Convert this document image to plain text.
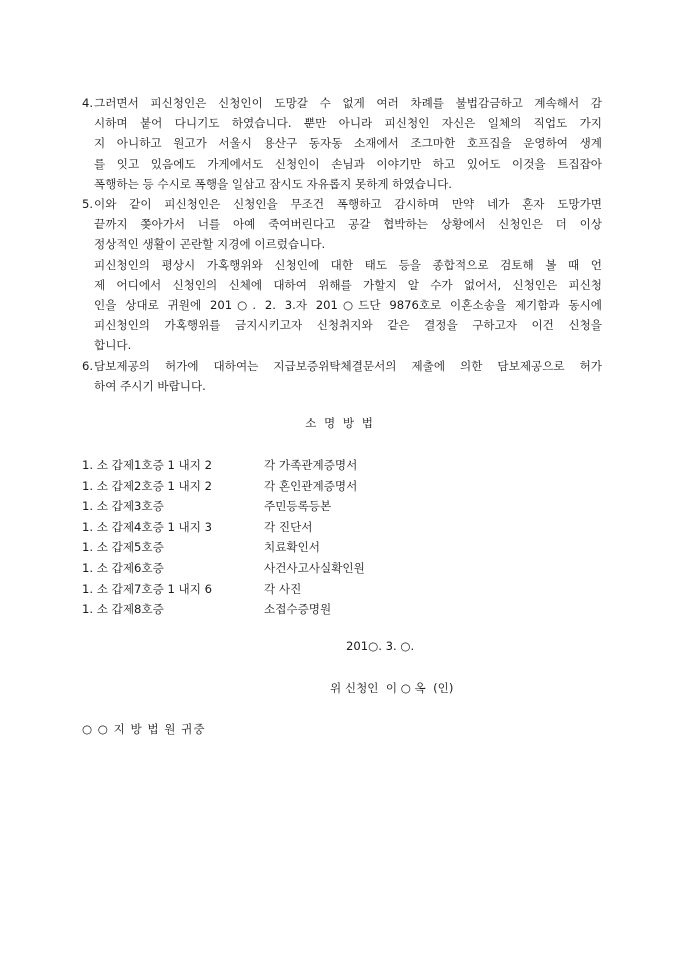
4. 그러면서 피신청인은 신청인이 도망갈 수 없게 여러 차례를 불법감금하고 계속해서 감
시하며 붙어 다니기도 하였습니다. 뿐만 아니라 피신청인 자신은 일체의 직업도 가지
지 아니하고 원고가 서울시 용산구 동자동 소재에서 조그마한 호프집을 운영하여 생계
를 잇고 있음에도 가게에서도 신청인이 손님과 이야기만 하고 있어도 이것을 트집잡아
폭행하는 등 수시로 폭행을 일삼고 잠시도 자유롭지 못하게 하였습니다.
5. 이와 같이 피신청인은 신청인을 무조건 폭행하고 감시하며 만약 네가 혼자 도망가면
끝까지 쫒아가서 너를 아예 죽여버린다고 공갈 협박하는 상황에서 신청인은 더 이상
정상적인 생활이 곤란할 지경에 이르렀습니다.
피신청인의 평상시 가혹행위와 신청인에 대한 태도 등을 종합적으로 검토해 볼 때 언
제 어디에서 신청인의 신체에 대하여 위해를 가할지 알 수가 없어서, 신청인은 피신청
인을 상대로 귀원에 201○. 2. 3.자 201○드단 9876호로 이혼소송을 제기함과 동시에
피신청인의 가혹행위를 금지시키고자 신청취지와 같은 결정을 구하고자 이건 신청을
합니다.
6. 담보제공의 허가에 대하여는 지급보증위탁체결문서의 제출에 의한 담보제공으로 허가
하여 주시기 바랍니다.
소 명 방 법
1. 소 갑제1호증 1 내지 2	각 가족관계증명서
1. 소 갑제2호증 1 내지 2	각 혼인관계증명서
1. 소 갑제3호증	주민등록등본
1. 소 갑제4호증 1 내지 3	각 진단서
1. 소 갑제5호증	치료확인서
1. 소 갑제6호증	사건사고사실확인원
1. 소 갑제7호증 1 내지 6	각 사진
1. 소 갑제8호증	소접수증명원
201○. 3. ○.
위 신청인  이 ○ 옥  (인)
○ ○ 지 방 법 원 귀중
